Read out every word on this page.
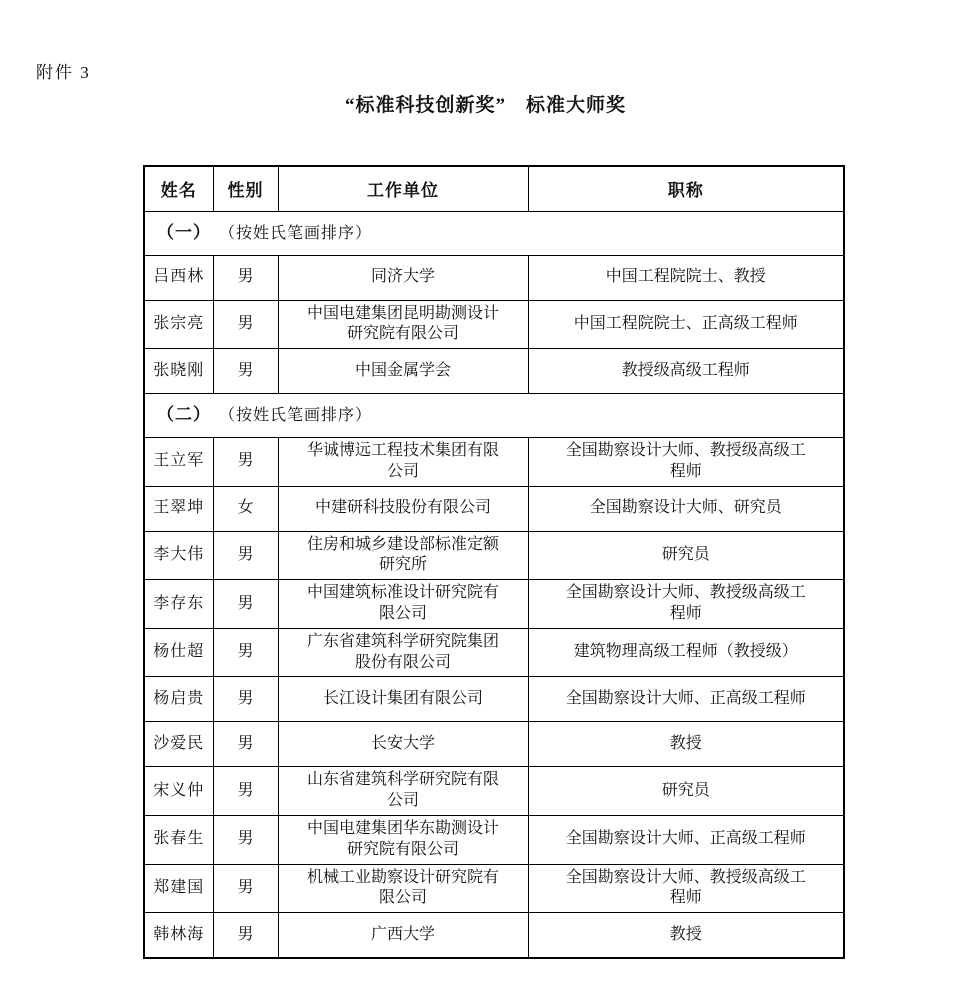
附件 3
“标准科技创新奖”　标准大师奖
姓名	性别	工作单位	职称
（一） （按姓氏笔画排序）			
吕西林	男	同济大学	中国工程院院士、教授
张宗亮	男	中国电建集团昆明勘测设计研究院有限公司	中国工程院院士、正高级工程师
张晓刚	男	中国金属学会	教授级高级工程师
（二） （按姓氏笔画排序）			
王立军	男	华诚博远工程技术集团有限公司	全国勘察设计大师、教授级高级工程师
王翠坤	女	中建研科技股份有限公司	全国勘察设计大师、研究员
李大伟	男	住房和城乡建设部标准定额研究所	研究员
李存东	男	中国建筑标准设计研究院有限公司	全国勘察设计大师、教授级高级工程师
杨仕超	男	广东省建筑科学研究院集团股份有限公司	建筑物理高级工程师（教授级）
杨启贵	男	长江设计集团有限公司	全国勘察设计大师、正高级工程师
沙爱民	男	长安大学	教授
宋义仲	男	山东省建筑科学研究院有限公司	研究员
张春生	男	中国电建集团华东勘测设计研究院有限公司	全国勘察设计大师、正高级工程师
郑建国	男	机械工业勘察设计研究院有限公司	全国勘察设计大师、教授级高级工程师
韩林海	男	广西大学	教授
